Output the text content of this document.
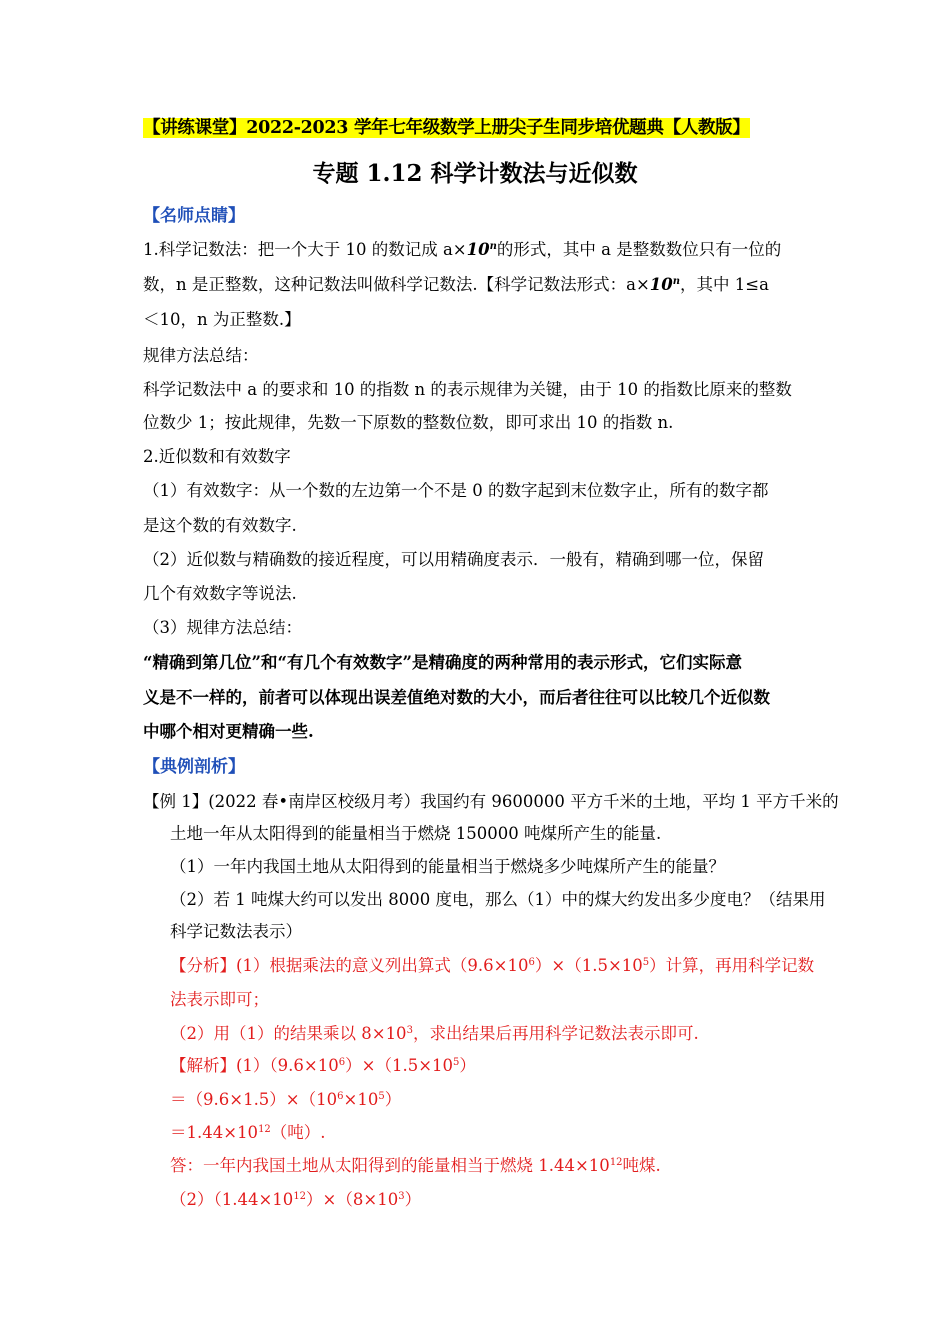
【讲练课堂】2022-2023 学年七年级数学上册尖子生同步培优题典【人教版】
专题 1.12 科学计数法与近似数
【名师点睛】
1.科学记数法：把一个大于 10 的数记成 $a\times 10^n$的形式，其中 a 是整数数位只有一位的
数，n 是正整数，这种记数法叫做科学记数法.【科学记数法形式：$a\times 10^n$，其中 1≤a
＜10，n 为正整数.】
规律方法总结：
科学记数法中 a 的要求和 10 的指数 n 的表示规律为关键，由于 10 的指数比原来的整数
位数少 1；按此规律，先数一下原数的整数位数，即可求出 10 的指数 n.
2.近似数和有效数字
（1）有效数字：从一个数的左边第一个不是 0 的数字起到末位数字止，所有的数字都
是这个数的有效数字.
（2）近似数与精确数的接近程度，可以用精确度表示．一般有，精确到哪一位，保留
几个有效数字等说法.
（3）规律方法总结：
“精确到第几位”和“有几个有效数字”是精确度的两种常用的表示形式，它们实际意
义是不一样的，前者可以体现出误差值绝对数的大小，而后者往往可以比较几个近似数
中哪个相对更精确一些.
【典例剖析】
【例 1】(2022 春•南岸区校级月考）我国约有 9600000 平方千米的土地，平均 1 平方千米的
土地一年从太阳得到的能量相当于燃烧 150000 吨煤所产生的能量.
（1）一年内我国土地从太阳得到的能量相当于燃烧多少吨煤所产生的能量？
（2）若 1 吨煤大约可以发出 8000 度电，那么（1）中的煤大约发出多少度电？（结果用
科学记数法表示）
【分析】(1）根据乘法的意义列出算式$(9.6\times 10^6)\times(1.5\times 10^5)$计算，再用科学记数
法表示即可；
（2）用（1）的结果乘以 $8\times 10^3$，求出结果后再用科学记数法表示即可.
【解析】$(1)(9.6\times 10^6)\times(1.5\times 10^5)$
$=(9.6\times 1.5)\times(10^6\times 10^5)$
$=1.44\times 10^{12}$（吨）.
答：一年内我国土地从太阳得到的能量相当于燃烧 $1.44\times 10^{12}$吨煤.
$(2)(1.44\times 10^{12})\times(8\times 10^3)$
